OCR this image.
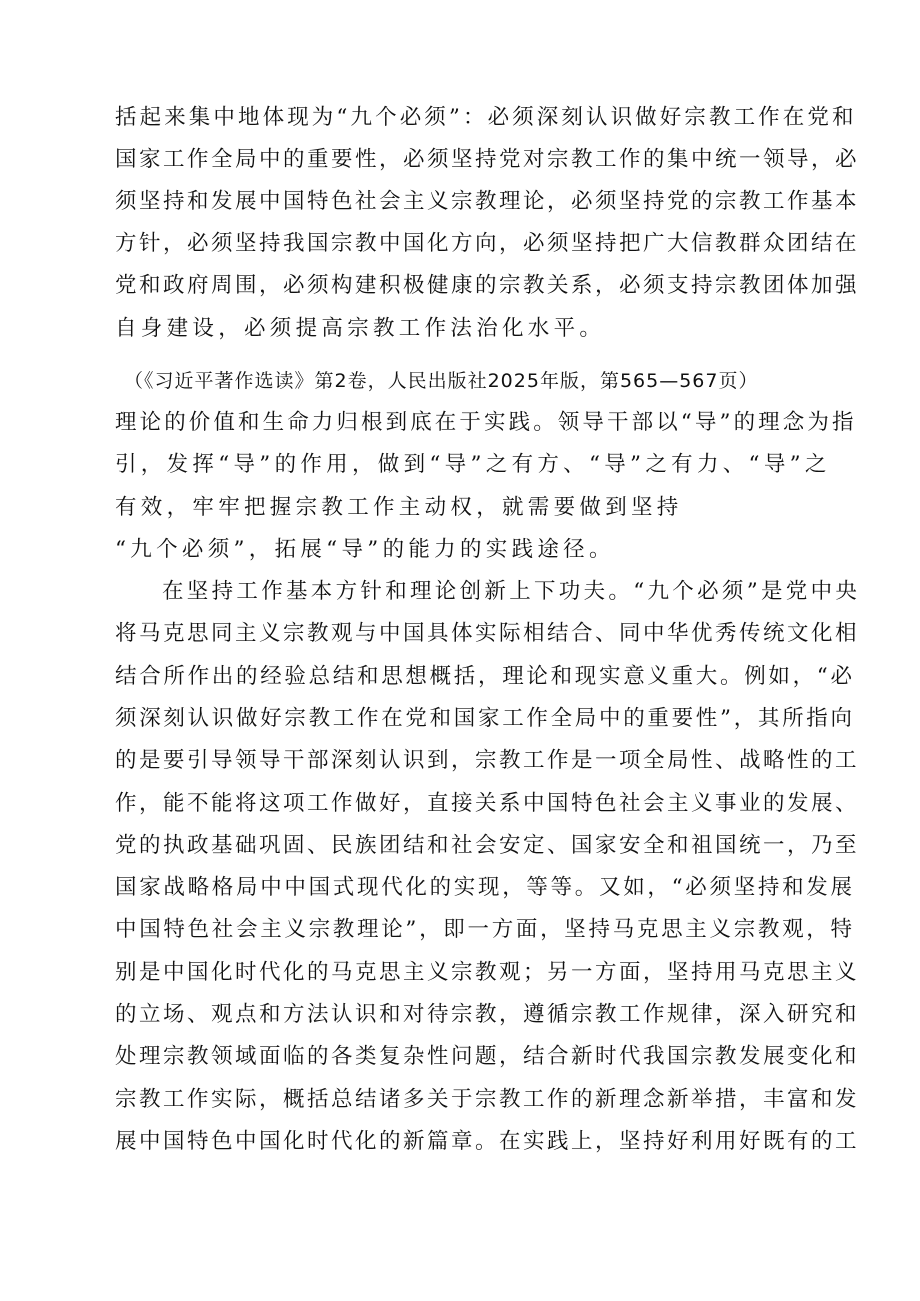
括起来集中地体现为“九个必须”：必须深刻认识做好宗教工作在党和
国家工作全局中的重要性，必须坚持党对宗教工作的集中统一领导，必
须坚持和发展中国特色社会主义宗教理论，必须坚持党的宗教工作基本
方针，必须坚持我国宗教中国化方向，必须坚持把广大信教群众团结在
党和政府周围，必须构建积极健康的宗教关系，必须支持宗教团体加强
自身建设，必须提高宗教工作法治化水平。
（《习近平著作选读》第2卷，人民出版社2025年版，第565—567页）
理论的价值和生命力归根到底在于实践。领导干部以“导”的理念为指
引，发挥“导”的作用，做到“导”之有方、“导”之有力、“导”之
有效，牢牢把握宗教工作主动权，就需要做到坚持
“九个必须”，拓展“导”的能力的实践途径。
在坚持工作基本方针和理论创新上下功夫。“九个必须”是党中央
将马克思同主义宗教观与中国具体实际相结合、同中华优秀传统文化相
结合所作出的经验总结和思想概括，理论和现实意义重大。例如，“必
须深刻认识做好宗教工作在党和国家工作全局中的重要性”，其所指向
的是要引导领导干部深刻认识到，宗教工作是一项全局性、战略性的工
作，能不能将这项工作做好，直接关系中国特色社会主义事业的发展、
党的执政基础巩固、民族团结和社会安定、国家安全和祖国统一，乃至
国家战略格局中中国式现代化的实现，等等。又如，“必须坚持和发展
中国特色社会主义宗教理论”，即一方面，坚持马克思主义宗教观，特
别是中国化时代化的马克思主义宗教观；另一方面，坚持用马克思主义
的立场、观点和方法认识和对待宗教，遵循宗教工作规律，深入研究和
处理宗教领域面临的各类复杂性问题，结合新时代我国宗教发展变化和
宗教工作实际，概括总结诸多关于宗教工作的新理念新举措，丰富和发
展中国特色中国化时代化的新篇章。在实践上，坚持好利用好既有的工
